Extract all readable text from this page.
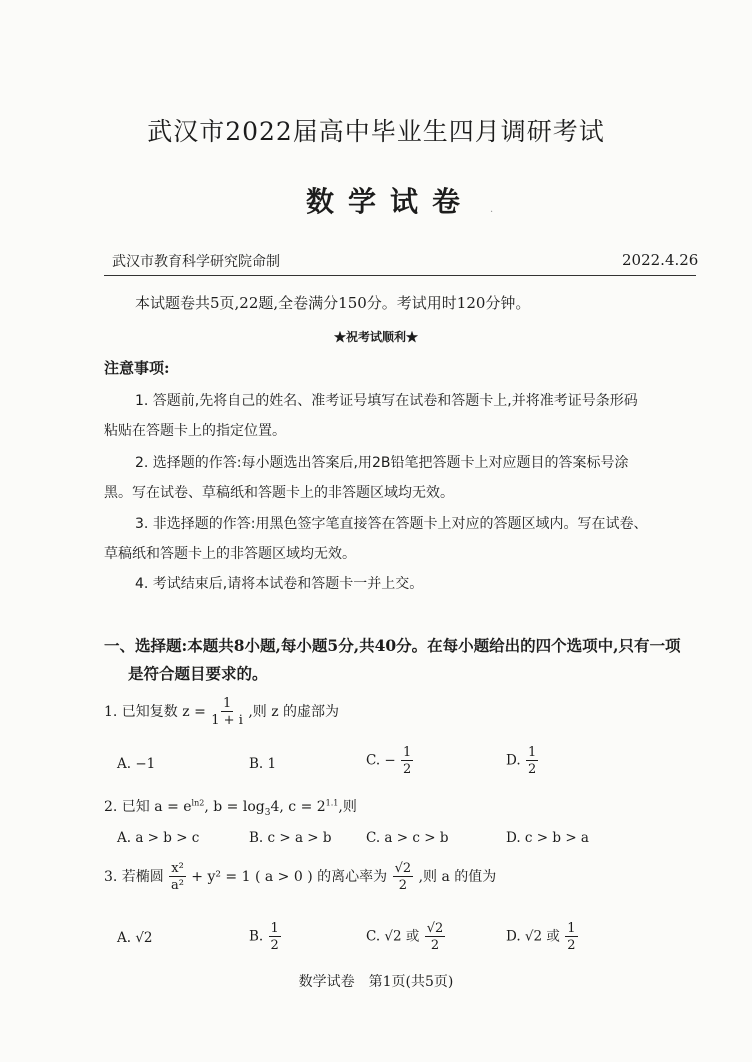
武汉市2022届高中毕业生四月调研考试
数学试卷	·
武汉市教育科学研究院命制	2022.4.26
本试题卷共5页,22题,全卷满分150分。考试用时120分钟。
★祝考试顺利★
注意事项:
1. 答题前,先将自己的姓名、准考证号填写在试卷和答题卡上,并将准考证号条形码
粘贴在答题卡上的指定位置。
2. 选择题的作答:每小题选出答案后,用2B铅笔把答题卡上对应题目的答案标号涂
黑。写在试卷、草稿纸和答题卡上的非答题区域均无效。
3. 非选择题的作答:用黑色签字笔直接答在答题卡上对应的答题区域内。写在试卷、
草稿纸和答题卡上的非答题区域均无效。
4. 考试结束后,请将本试卷和答题卡一并上交。
一、选择题:本题共8小题,每小题5分,共40分。在每小题给出的四个选项中,只有一项
是符合题目要求的。
1. 已知复数 $z = \frac{1}{1 + i}$ ,则 z 的虚部为
A. −1	B. 1	C. − $\frac{1}{2}$	D. $\frac{1}{2}$
2. 已知 $a = e^{ln2}$, $b = \log_34$, $c = 2^{1.1}$,则
A. a > b > c	B. c > a > b	C. a > c > b	D. c > b > a
3. 若椭圆 $\frac{\text{x²}}{\text{a²}} + y^2 = 1$ ( a > 0 ) 的离心率为 $\frac{√2}{2}$ ,则 a 的值为
A. √2	B. $\frac{1}{2}$	C. √2 或 $\frac{√2}{2}$	D. √2 或 $\frac{1}{2}$
数学试卷　第1页(共5页)
